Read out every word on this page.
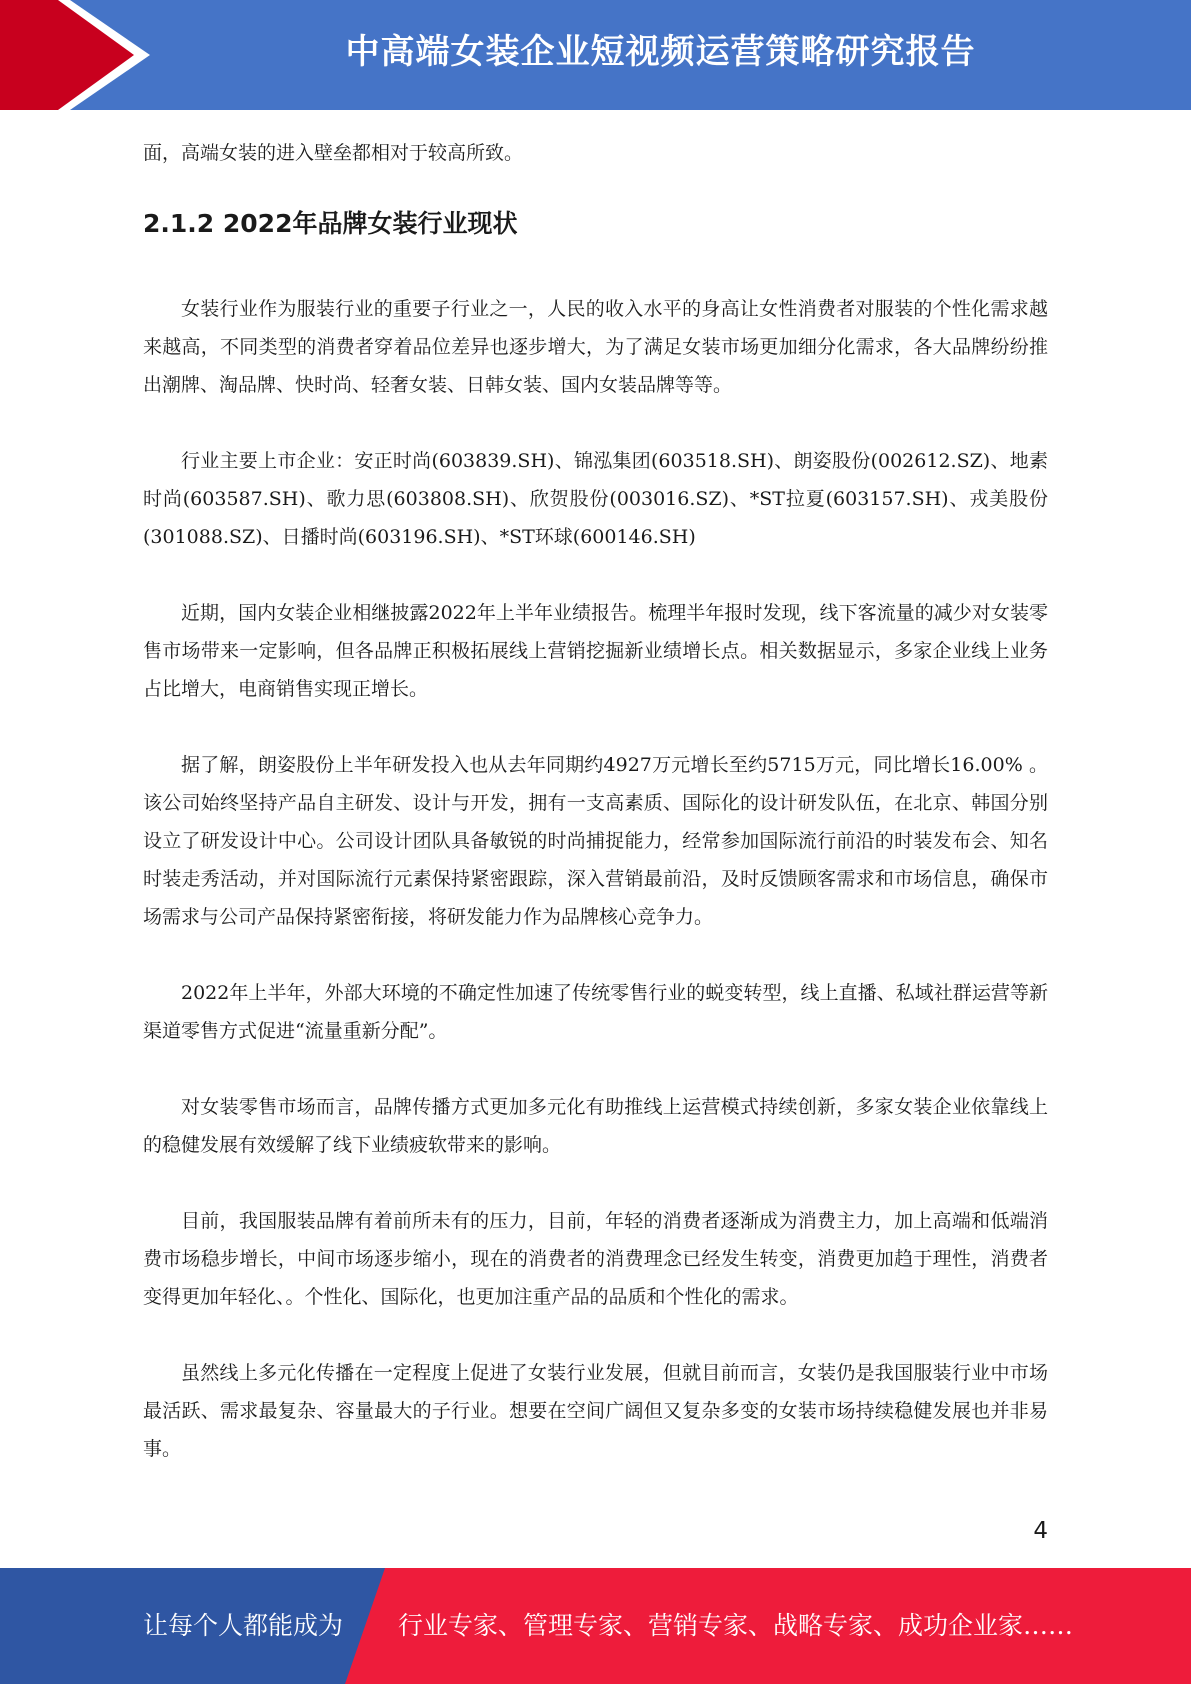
中高端女装企业短视频运营策略研究报告

面，高端女装的进入壁垒都相对于较高所致。

2.1.2 2022年品牌女装行业现状

女装行业作为服装行业的重要子行业之一，人民的收入水平的身高让女性消费者对服装的个性化需求越来越高，不同类型的消费者穿着品位差异也逐步增大，为了满足女装市场更加细分化需求，各大品牌纷纷推出潮牌、淘品牌、快时尚、轻奢女装、日韩女装、国内女装品牌等等。

行业主要上市企业：安正时尚(603839.SH)、锦泓集团(603518.SH)、朗姿股份(002612.SZ)、地素时尚(603587.SH)、歌力思(603808.SH)、欣贺股份(003016.SZ)、*ST拉夏(603157.SH)、戎美股份(301088.SZ)、日播时尚(603196.SH)、*ST环球(600146.SH)

近期，国内女装企业相继披露2022年上半年业绩报告。梳理半年报时发现，线下客流量的减少对女装零售市场带来一定影响，但各品牌正积极拓展线上营销挖掘新业绩增长点。相关数据显示，多家企业线上业务占比增大，电商销售实现正增长。

据了解，朗姿股份上半年研发投入也从去年同期约4927万元增长至约5715万元，同比增长16.00% 。该公司始终坚持产品自主研发、设计与开发，拥有一支高素质、国际化的设计研发队伍，在北京、韩国分别设立了研发设计中心。公司设计团队具备敏锐的时尚捕捉能力，经常参加国际流行前沿的时装发布会、知名时装走秀活动，并对国际流行元素保持紧密跟踪，深入营销最前沿，及时反馈顾客需求和市场信息，确保市场需求与公司产品保持紧密衔接，将研发能力作为品牌核心竞争力。

2022年上半年，外部大环境的不确定性加速了传统零售行业的蜕变转型，线上直播、私域社群运营等新渠道零售方式促进“流量重新分配”。

对女装零售市场而言，品牌传播方式更加多元化有助推线上运营模式持续创新，多家女装企业依靠线上的稳健发展有效缓解了线下业绩疲软带来的影响。

目前，我国服装品牌有着前所未有的压力，目前，年轻的消费者逐渐成为消费主力，加上高端和低端消费市场稳步增长，中间市场逐步缩小，现在的消费者的消费理念已经发生转变，消费更加趋于理性，消费者变得更加年轻化、。个性化、国际化，也更加注重产品的品质和个性化的需求。

虽然线上多元化传播在一定程度上促进了女装行业发展，但就目前而言，女装仍是我国服装行业中市场最活跃、需求最复杂、容量最大的子行业。想要在空间广阔但又复杂多变的女装市场持续稳健发展也并非易事。

4
让每个人都能成为 行业专家、管理专家、营销专家、战略专家、成功企业家……
